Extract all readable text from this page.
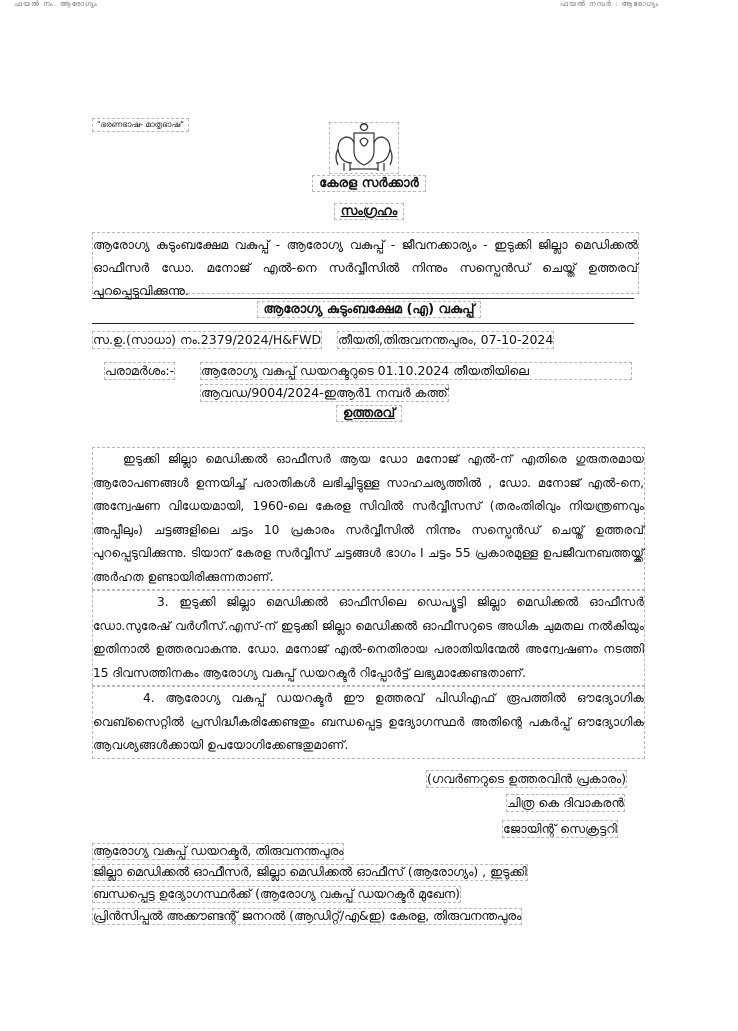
ഫയൽ നം. ആരോഗ്യം	ഫയൽ നമ്പർ : ആരോഗ്യം
"ഭരണഭാഷ- മാതൃഭാഷ"
കേരള സർക്കാർ
സംഗ്രഹം
ആരോഗ്യ കുടുംബക്ഷേമ വകുപ്പ് - ആരോഗ്യ വകുപ്പ് - ജീവനക്കാര്യം - ഇടുക്കി ജില്ലാ മെഡിക്കൽ ഓഫീസർ ഡോ. മനോജ് എൽ-നെ സർവ്വീസിൽ നിന്നും സസ്പെൻഡ് ചെയ്ത് ഉത്തരവ് പുറപ്പെടുവിക്കുന്നു.
ആരോഗ്യ കുടുംബക്ഷേമ (എ) വകുപ്പ്
സ.ഉ.(സാധാ) നം.2379/2024/H&FWD തീയതി,തിരുവനന്തപുരം, 07-10-2024
പരാമർശം:- ആരോഗ്യ വകുപ്പ് ഡയറക്ടറുടെ 01.10.2024 തീയതിയിലെ
ആവഡ/9004/2024-ഇആർ1 നമ്പർ കത്ത്
ഉത്തരവ്

ഇടുക്കി ജില്ലാ മെഡിക്കൽ ഓഫീസർ ആയ ഡോ മനോജ് എൽ-ന് എതിരെ ഗുരുതരമായ ആരോപണങ്ങൾ ഉന്നയിച്ച് പരാതികൾ ലഭിച്ചിട്ടുള്ള സാഹചര്യത്തിൽ , ഡോ. മനോജ് എൽ-നെ, അന്വേഷണ വിധേയമായി, 1960-ലെ കേരള സിവിൽ സർവ്വീസസ് (തരംതിരിവും നിയന്ത്രണവും അപ്പീലും) ചട്ടങ്ങളിലെ ചട്ടം 10 പ്രകാരം സർവ്വീസിൽ നിന്നും സസ്പെൻഡ് ചെയ്ത് ഉത്തരവ് പുറപ്പെടുവിക്കുന്നു. ടിയാന് കേരള സർവ്വീസ് ചട്ടങ്ങൾ ഭാഗം I ചട്ടം 55 പ്രകാരമുള്ള ഉപജീവനബത്തയ്ക്ക് അർഹത ഉണ്ടായിരിക്കുന്നതാണ്.

3. ഇടുക്കി ജില്ലാ മെഡിക്കൽ ഓഫീസിലെ ഡെപ്യൂട്ടി ജില്ലാ മെഡിക്കൽ ഓഫീസർ ഡോ.സുരേഷ് വർഗീസ്.എസ്-ന് ഇടുക്കി ജില്ലാ മെഡിക്കൽ ഓഫീസറുടെ അധിക ചുമതല നൽകിയും ഇതിനാൽ ഉത്തരവാകുന്നു. ഡോ. മനോജ് എൽ-നെതിരായ പരാതിയിന്മേൽ അന്വേഷണം നടത്തി 15 ദിവസത്തിനകം ആരോഗ്യ വകുപ്പ് ഡയറക്ടർ റിപ്പോർട്ട് ലഭ്യമാക്കേണ്ടതാണ്.

4. ആരോഗ്യ വകുപ്പ് ഡയറക്ടർ ഈ ഉത്തരവ് പിഡിഎഫ് രൂപത്തിൽ ഔദ്യോഗിക വെബ്സൈറ്റിൽ പ്രസിദ്ധീകരിക്കേണ്ടതും ബന്ധപ്പെട്ട ഉദ്യോഗസ്ഥർ അതിന്റെ പകർപ്പ് ഔദ്യോഗിക ആവശ്യങ്ങൾക്കായി ഉപയോഗിക്കേണ്ടതുമാണ്.

(ഗവർണറുടെ ഉത്തരവിൻ പ്രകാരം)
ചിത്ര കെ ദിവാകരൻ
ജോയിന്റ് സെക്രട്ടറി
ആരോഗ്യ വകുപ്പ് ഡയറക്ടർ, തിരുവനന്തപുരം
ജില്ലാ മെഡിക്കൽ ഓഫീസർ, ജില്ലാ മെഡിക്കൽ ഓഫീസ് (ആരോഗ്യം) , ഇടുക്കി
ബന്ധപ്പെട്ട ഉദ്യോഗസ്ഥർക്ക് (ആരോഗ്യ വകുപ്പ് ഡയറക്ടർ മുഖേന)
പ്രിൻസിപ്പൽ അക്കൗണ്ടന്റ് ജനറൽ (ആഡിറ്റ്/എ&ഇ) കേരള, തിരുവനന്തപുരം
